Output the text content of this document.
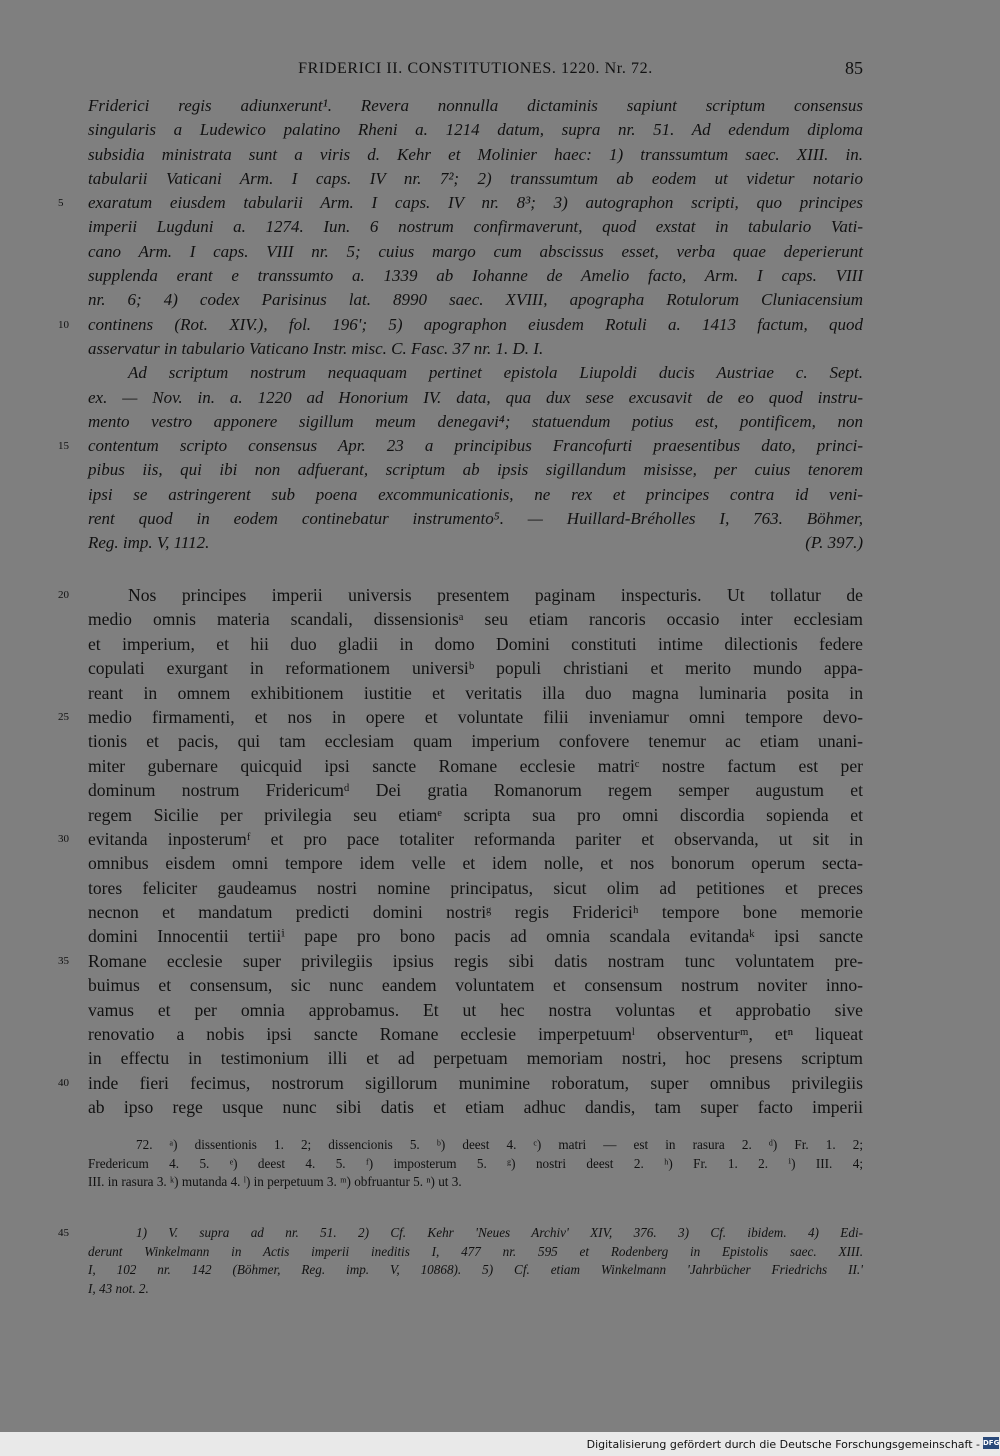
FRIDERICI II. CONSTITUTIONES. 1220. Nr. 72.	85
Friderici regis adiunxerunt¹. Revera nonnulla dictaminis sapiunt scriptum consensus
singularis a Ludewico palatino Rheni a. 1214 datum, supra nr. 51. Ad edendum diploma
subsidia ministrata sunt a viris d. Kehr et Molinier haec: 1) transsumtum saec. XIII. in.
tabularii Vaticani Arm. I caps. IV nr. 7²; 2) transsumtum ab eodem ut videtur notario
5	exaratum eiusdem tabularii Arm. I caps. IV nr. 8³; 3) autographon scripti, quo principes
imperii Lugduni a. 1274. Iun. 6 nostrum confirmaverunt, quod exstat in tabulario Vati-
cano Arm. I caps. VIII nr. 5; cuius margo cum abscissus esset, verba quae deperierunt
supplenda erant e transsumto a. 1339 ab Iohanne de Amelio facto, Arm. I caps. VIII
nr. 6; 4) codex Parisinus lat. 8990 saec. XVIII, apographa Rotulorum Cluniacensium
10	continens (Rot. XIV.), fol. 196'; 5) apographon eiusdem Rotuli a. 1413 factum, quod
asservatur in tabulario Vaticano Instr. misc. C. Fasc. 37 nr. 1. D. I.
Ad scriptum nostrum nequaquam pertinet epistola Liupoldi ducis Austriae c. Sept.
ex. — Nov. in. a. 1220 ad Honorium IV. data, qua dux sese excusavit de eo quod instru-
mento vestro apponere sigillum meum denegavi⁴; statuendum potius est, pontificem, non
15	contentum scripto consensus Apr. 23 a principibus Francofurti praesentibus dato, princi-
pibus iis, qui ibi non adfuerant, scriptum ab ipsis sigillandum misisse, per cuius tenorem
ipsi se astringerent sub poena excommunicationis, ne rex et principes contra id veni-
rent quod in eodem continebatur instrumento⁵. — Huillard-Bréholles I, 763. Böhmer,
Reg. imp. V, 1112.	(P. 397.)
20	Nos principes imperii universis presentem paginam inspecturis. Ut tollatur de
medio omnis materia scandali, dissensionisᵃ seu etiam rancoris occasio inter ecclesiam
et imperium, et hii duo gladii in domo Domini constituti intime dilectionis federe
copulati exurgant in reformationem universiᵇ populi christiani et merito mundo appa-
reant in omnem exhibitionem iustitie et veritatis illa duo magna luminaria posita in
25	medio firmamenti, et nos in opere et voluntate filii inveniamur omni tempore devo-
tionis et pacis, qui tam ecclesiam quam imperium confovere tenemur ac etiam unani-
miter gubernare quicquid ipsi sancte Romane ecclesie matriᶜ nostre factum est per
dominum nostrum Fridericumᵈ Dei gratia Romanorum regem semper augustum et
regem Sicilie per privilegia seu etiamᵉ scripta sua pro omni discordia sopienda et
30	evitanda inposterumᶠ et pro pace totaliter reformanda pariter et observanda, ut sit in
omnibus eisdem omni tempore idem velle et idem nolle, et nos bonorum operum secta-
tores feliciter gaudeamus nostri nomine principatus, sicut olim ad petitiones et preces
necnon et mandatum predicti domini nostriᵍ regis Fridericiʰ tempore bone memorie
domini Innocentii tertiiⁱ pape pro bono pacis ad omnia scandala evitandaᵏ ipsi sancte
35	Romane ecclesie super privilegiis ipsius regis sibi datis nostram tunc voluntatem pre-
buimus et consensum, sic nunc eandem voluntatem et consensum nostrum noviter inno-
vamus et per omnia approbamus. Et ut hec nostra voluntas et approbatio sive
renovatio a nobis ipsi sancte Romane ecclesie imperpetuumˡ observenturᵐ, etⁿ liqueat
in effectu in testimonium illi et ad perpetuam memoriam nostri, hoc presens scriptum
40	inde fieri fecimus, nostrorum sigillorum munimine roboratum, super omnibus privilegiis
ab ipso rege usque nunc sibi datis et etiam adhuc dandis, tam super facto imperii
72. ᵃ) dissentionis 1. 2; dissencionis 5. ᵇ) deest 4. ᶜ) matri — est in rasura 2. ᵈ) Fr. 1. 2;
Fredericum 4. 5. ᵉ) deest 4. 5. ᶠ) imposterum 5. ᵍ) nostri deest 2. ʰ) Fr. 1. 2. ⁱ) III. 4;
III. in rasura 3. ᵏ) mutanda 4. ˡ) in perpetuum 3. ᵐ) obfruantur 5. ⁿ) ut 3.
45	1) V. supra ad nr. 51. 2) Cf. Kehr 'Neues Archiv' XIV, 376. 3) Cf. ibidem. 4) Edi-
derunt Winkelmann in Actis imperii ineditis I, 477 nr. 595 et Rodenberg in Epistolis saec. XIII.
I, 102 nr. 142 (Böhmer, Reg. imp. V, 10868). 5) Cf. etiam Winkelmann 'Jahrbücher Friedrichs II.'
I, 43 not. 2.
Digitalisierung gefördert durch die Deutsche Forschungsgemeinschaft - DFG
